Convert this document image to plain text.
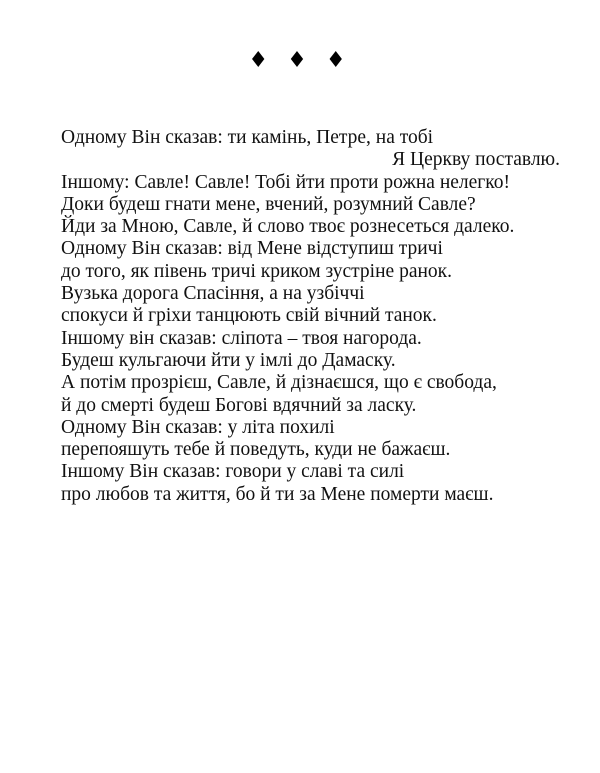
♦ ♦ ♦
Одному Він сказав: ти камінь, Петре, на тобі
Я Церкву поставлю.
Іншому: Савле! Савле! Тобі йти проти рожна нелегко!
Доки будеш гнати мене, вчений, розумний Савле?
Йди за Мною, Савле, й слово твоє рознесеться далеко.
Одному Він сказав: від Мене відступиш тричі
до того, як півень тричі криком зустріне ранок.
Вузька дорога Спасіння, а на узбіччі
спокуси й гріхи танцюють свій вічний танок.
Іншому він сказав: сліпота – твоя нагорода.
Будеш кульгаючи йти у імлі до Дамаску.
А потім прозрієш, Савле, й дізнаєшся, що є свобода,
й до смерті будеш Богові вдячний за ласку.
Одному Він сказав: у літа похилі
перепояшуть тебе й поведуть, куди не бажаєш.
Іншому Він сказав: говори у славі та силі
про любов та життя, бо й ти за Мене померти маєш.
